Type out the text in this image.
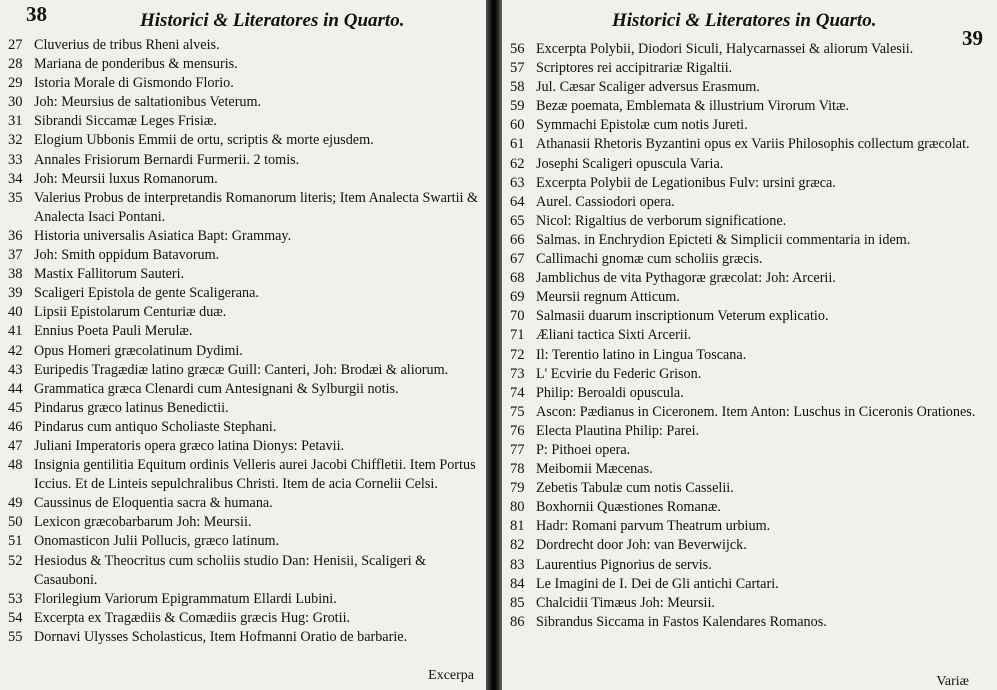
38	Historici & Literatores in Quarto.
27 Cluverius de tribus Rheni alveis.
28 Mariana de ponderibus & mensuris.
29 Istoria Morale di Gismondo Florio.
30 Joh: Meursius de saltationibus Veterum.
31 Sibrandi Siccamæ Leges Frisiæ.
32 Elogium Ubbonis Emmii de ortu, scriptis & morte ejusdem.
33 Annales Frisiorum Bernardi Furmerii. 2 tomis.
34 Joh: Meursii luxus Romanorum.
35 Valerius Probus de interpretandis Romanorum literis; Item Analecta Swartii & Analecta Isaci Pontani.
36 Historia universalis Asiatica Bapt: Grammay.
37 Joh: Smith oppidum Batavorum.
38 Mastix Fallitorum Sauteri.
39 Scaligeri Epistola de gente Scaligerana.
40 Lipsii Epistolarum Centuriæ duæ.
41 Ennius Poeta Pauli Merulæ.
42 Opus Homeri græcolatinum Dydimi.
43 Euripedis Tragædiæ latino græcæ Guill: Canteri, Joh: Brodæi & aliorum.
44 Grammatica græca Clenardi cum Antesignani & Sylburgii notis.
45 Pindarus græco latinus Benedictii.
46 Pindarus cum antiquo Scholiaste Stephani.
47 Juliani Imperatoris opera græco latina Dionys: Petavii.
48 Insignia gentilitia Equitum ordinis Velleris aurei Jacobi Chiffletii. Item Portus Iccius. Et de Linteis sepulchralibus Christi. Item de acia Cornelii Celsi.
49 Caussinus de Eloquentia sacra & humana.
50 Lexicon græcobarbarum Joh: Meursii.
51 Onomasticon Julii Pollucis, græco latinum.
52 Hesiodus & Theocritus cum scholiis studio Dan: Henisii, Scaligeri & Casauboni.
53 Florilegium Variorum Epigrammatum Ellardi Lubini.
54 Excerpta ex Tragædiis & Comædiis græcis Hug: Grotii.
55 Dornavi Ulysses Scholasticus, Item Hofmanni Oratio de barbarie.
Excerpa
39
Historici & Literatores in Quarto.
56 Excerpta Polybii, Diodori Siculi, Halycarnassei & aliorum Valesii.
57 Scriptores rei accipitrariæ Rigaltii.
58 Jul. Cæsar Scaliger adversus Erasmum.
59 Bezæ poemata, Emblemata & illustrium Virorum Vitæ.
60 Symmachi Epistolæ cum notis Jureti.
61 Athanasii Rhetoris Byzantini opus ex Variis Philosophis collectum græcolat.
62 Josephi Scaligeri opuscula Varia.
63 Excerpta Polybii de Legationibus Fulv: ursini græca.
64 Aurel. Cassiodori opera.
65 Nicol: Rigaltius de verborum significatione.
66 Salmas. in Enchrydion Epicteti & Simplicii commentaria in idem.
67 Callimachi gnomæ cum scholiis græcis.
68 Jamblichus de vita Pythagoræ græcolat: Joh: Arcerii.
69 Meursii regnum Atticum.
70 Salmasii duarum inscriptionum Veterum explicatio.
71 Æliani tactica Sixti Arcerii.
72 Il: Terentio latino in Lingua Toscana.
73 L' Ecvirie du Federic Grison.
74 Philip: Beroaldi opuscula.
75 Ascon: Pædianus in Ciceronem. Item Anton: Luschus in Ciceronis Orationes.
76 Electa Plautina Philip: Parei.
77 P: Pithoei opera.
78 Meibomii Mæcenas.
79 Zebetis Tabulæ cum notis Casselii.
80 Boxhornii Quæstiones Romanæ.
81 Hadr: Romani parvum Theatrum urbium.
82 Dordrecht door Joh: van Beverwijck.
83 Laurentius Pignorius de servis.
84 Le Imagini de I. Dei de Gli antichi Cartari.
85 Chalcidii Timæus Joh: Meursii.
86 Sibrandus Siccama in Fastos Kalendares Romanos.
Variæ
